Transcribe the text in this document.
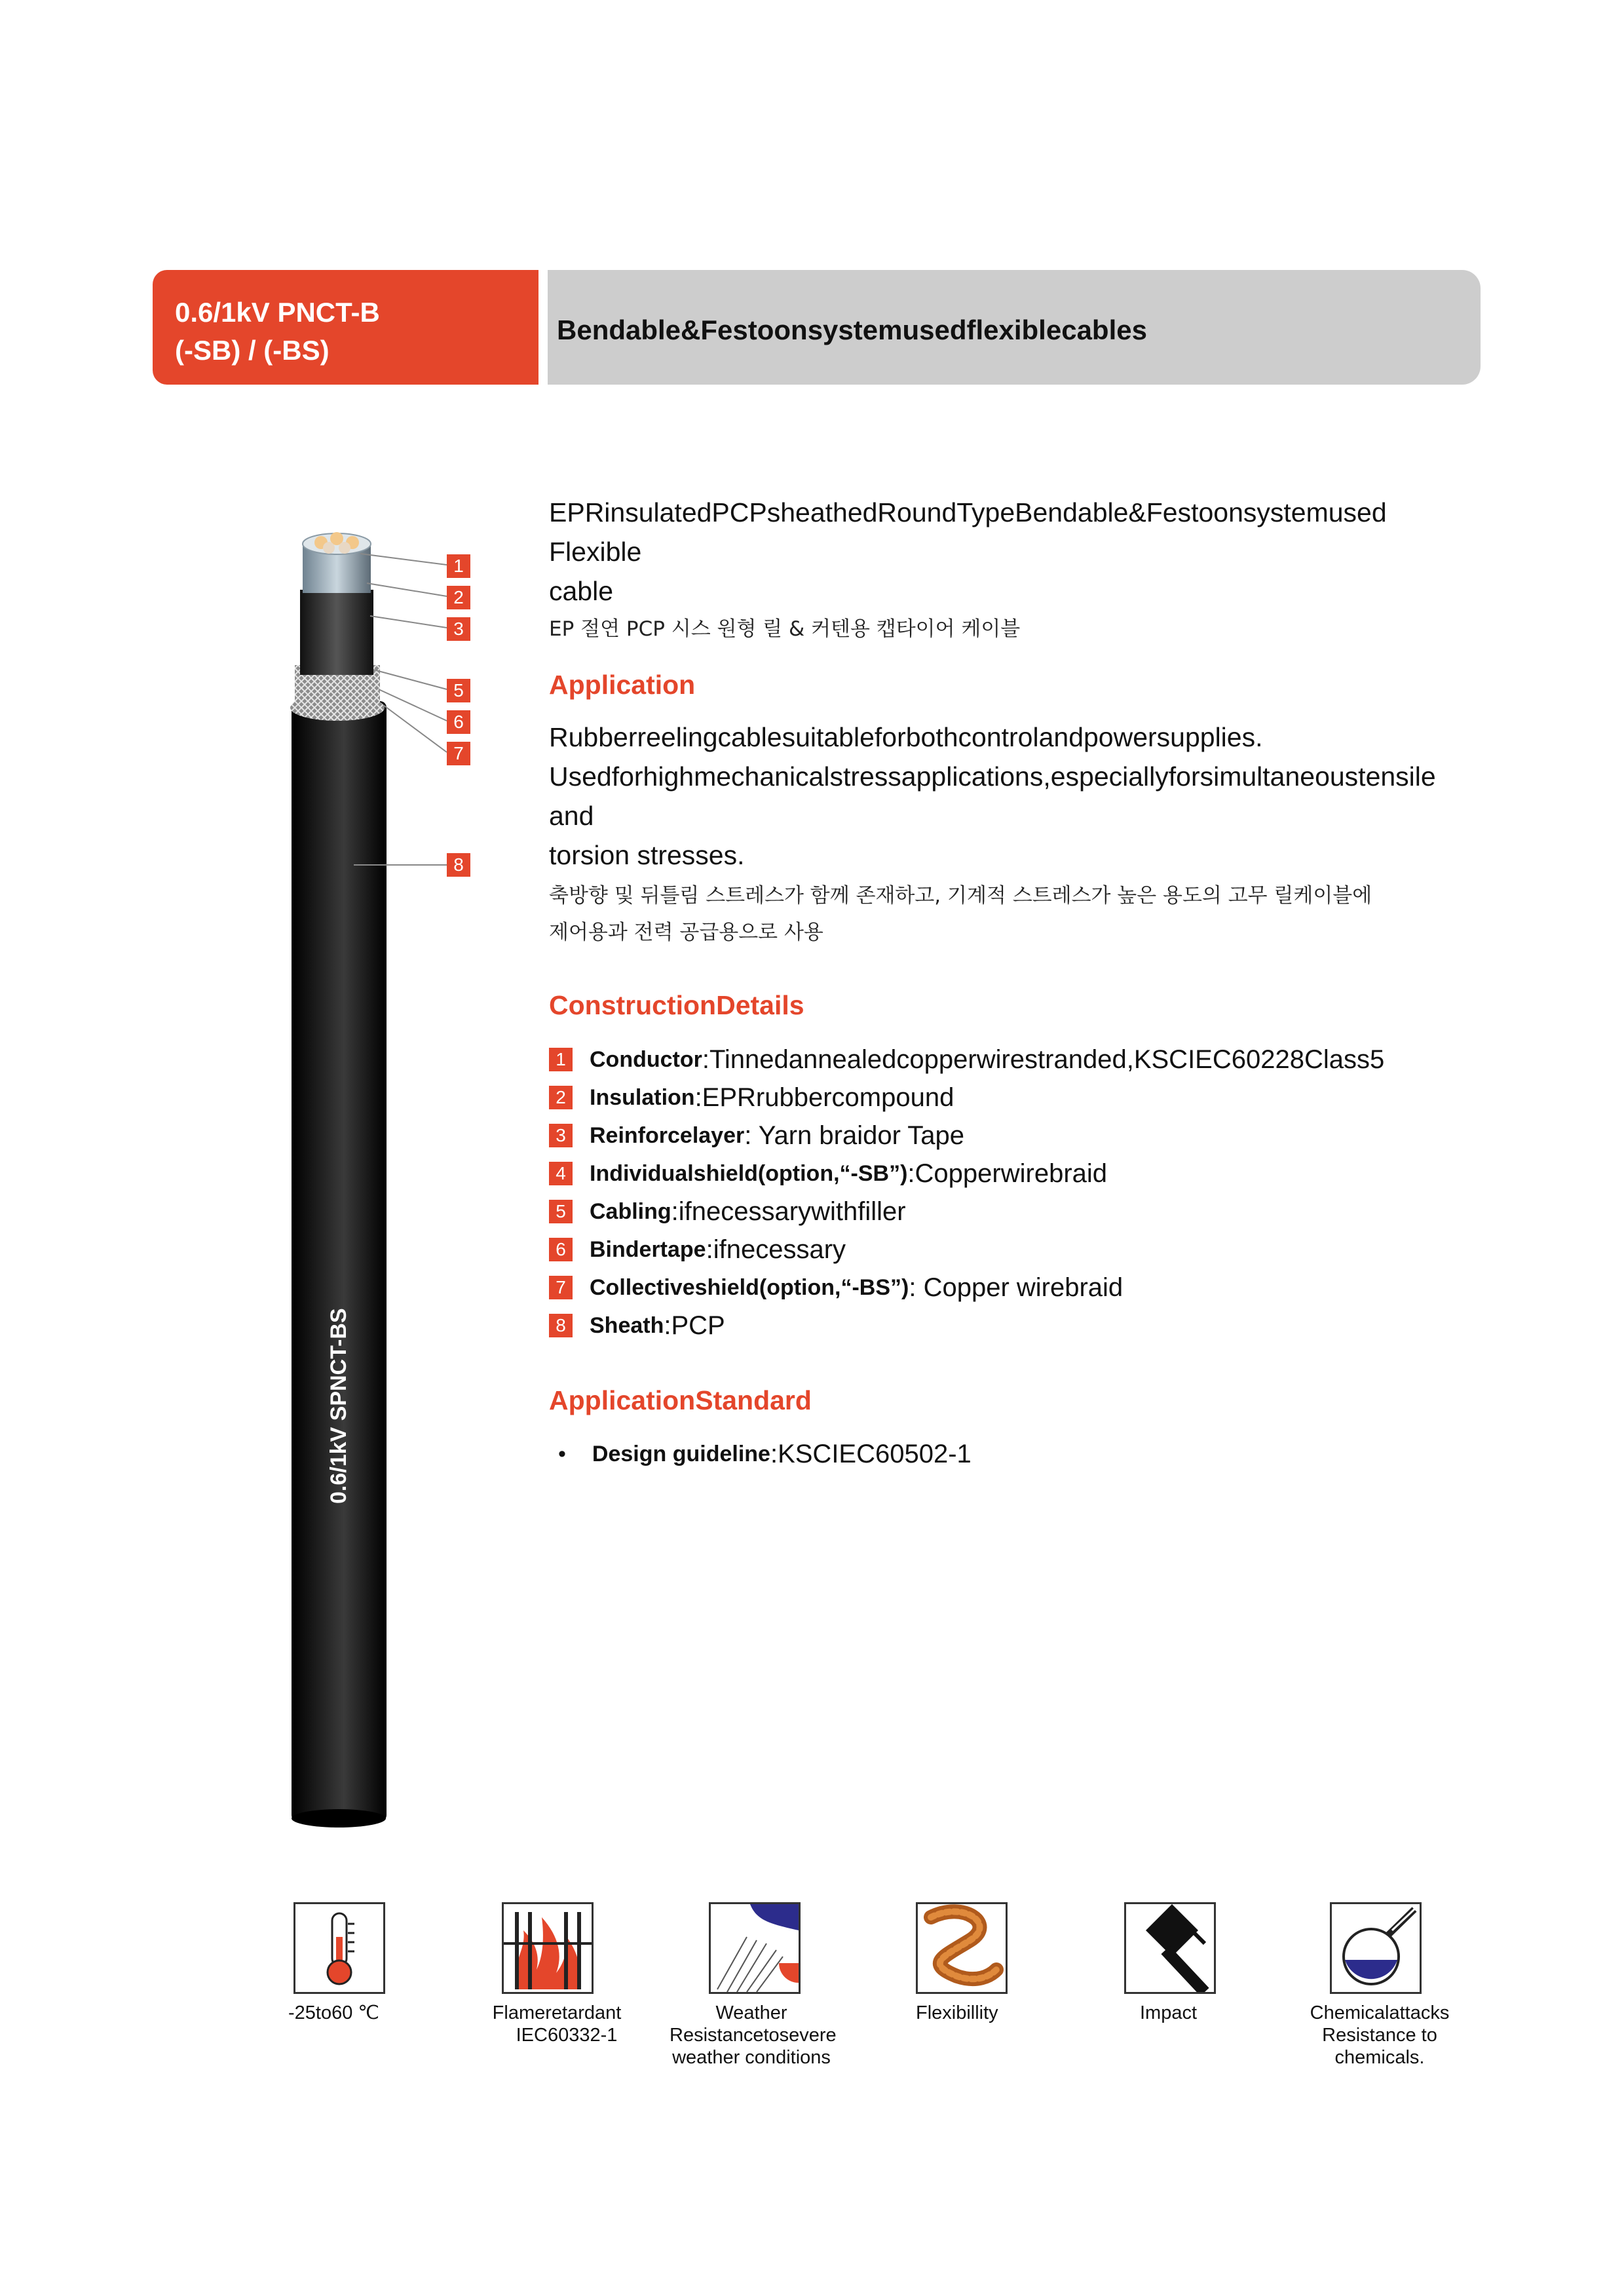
0.6/1kV PNCT-B
(-SB) / (-BS)
Bendable&Festoonsystemusedflexiblecables
0.6/1kV SPNCT-BS
1
2
3
5
6
7
8
EPRinsulatedPCPsheathedRoundTypeBendable&Festoonsystemused Flexible
cable
EP 절연 PCP 시스 원형 릴 & 커텐용 캡타이어 케이블
Application
Rubberreelingcablesuitableforbothcontrolandpowersupplies.
Usedforhighmechanicalstressapplications,especiallyforsimultaneoustensile and
torsion stresses.
축방향 및 뒤틀림 스트레스가 함께 존재하고, 기계적 스트레스가 높은 용도의 고무 릴케이블에
제어용과 전력 공급용으로 사용
ConstructionDetails
1	Conductor :Tinnedannealedcopperwirestranded,KSCIEC60228Class5
2	Insulation :EPRrubbercompound
3	Reinforcelayer : Yarn braidor Tape
4	Individualshield(option,“-SB”) :Copperwirebraid
5	Cabling :ifnecessarywithfiller
6	Bindertape :ifnecessary
7	Collectiveshield(option,“-BS”) : Copper wirebraid
8	Sheath :PCP
ApplicationStandard
• Design guideline :KSCIEC60502-1
-25to60 ℃	Flameretardant
IEC60332-1
Weather
Resistancetosevere
weather conditions
Flexibillity	Impact	Chemicalattacks
Resistance to
chemicals.
